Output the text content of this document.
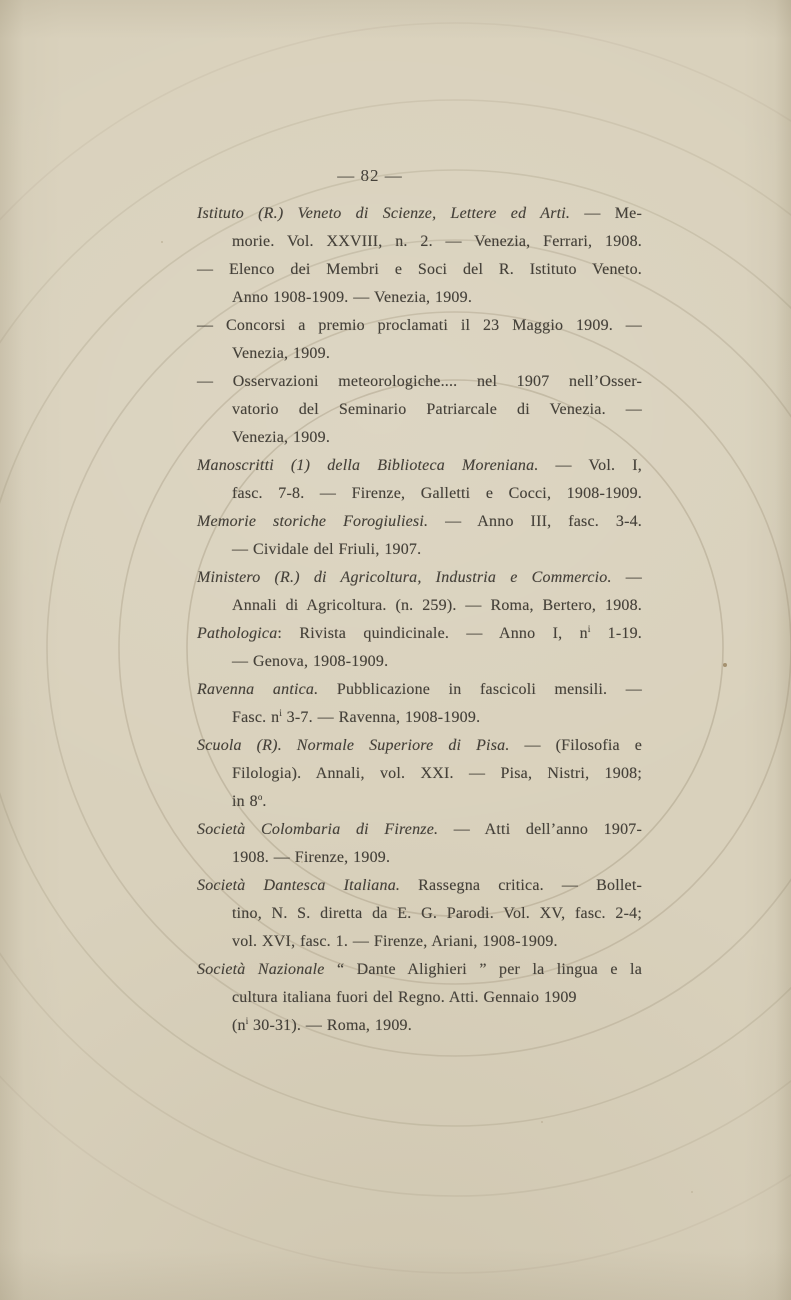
— 82 —
Istituto (R.) Veneto di Scienze, Lettere ed Arti. — Me-
morie. Vol. XXVIII, n. 2. — Venezia, Ferrari, 1908.
— Elenco dei Membri e Soci del R. Istituto Veneto.
Anno 1908-1909. — Venezia, 1909.
— Concorsi a premio proclamati il 23 Maggio 1909. —
Venezia, 1909.
— Osservazioni meteorologiche.... nel 1907 nell’Osser-
vatorio del Seminario Patriarcale di Venezia. —
Venezia, 1909.
Manoscritti (1) della Biblioteca Moreniana. — Vol. I,
fasc. 7-8. — Firenze, Galletti e Cocci, 1908-1909.
Memorie storiche Forogiuliesi. — Anno III, fasc. 3-4.
— Cividale del Friuli, 1907.
Ministero (R.) di Agricoltura, Industria e Commercio. —
Annali di Agricoltura. (n. 259). — Roma, Bertero, 1908.
Pathologica: Rivista quindicinale. — Anno I, $n^i$ 1-19.
— Genova, 1908-1909.
Ravenna antica. Pubblicazione in fascicoli mensili. —
Fasc. $n^i$ 3-7. — Ravenna, 1908-1909.
Scuola (R). Normale Superiore di Pisa. — (Filosofia e
Filologia). Annali, vol. XXI. — Pisa, Nistri, 1908;
in 8$^o$.
Società Colombaria di Firenze. — Atti dell’anno 1907-
1908. — Firenze, 1909.
Società Dantesca Italiana. Rassegna critica. — Bollet-
tino, N. S. diretta da E. G. Parodi. Vol. XV, fasc. 2-4;
vol. XVI, fasc. 1. — Firenze, Ariani, 1908-1909.
Società Nazionale “ Dante Alighieri ” per la lingua e la
cultura italiana fuori del Regno. Atti. Gennaio 1909
($n^i$ 30-31). — Roma, 1909.
